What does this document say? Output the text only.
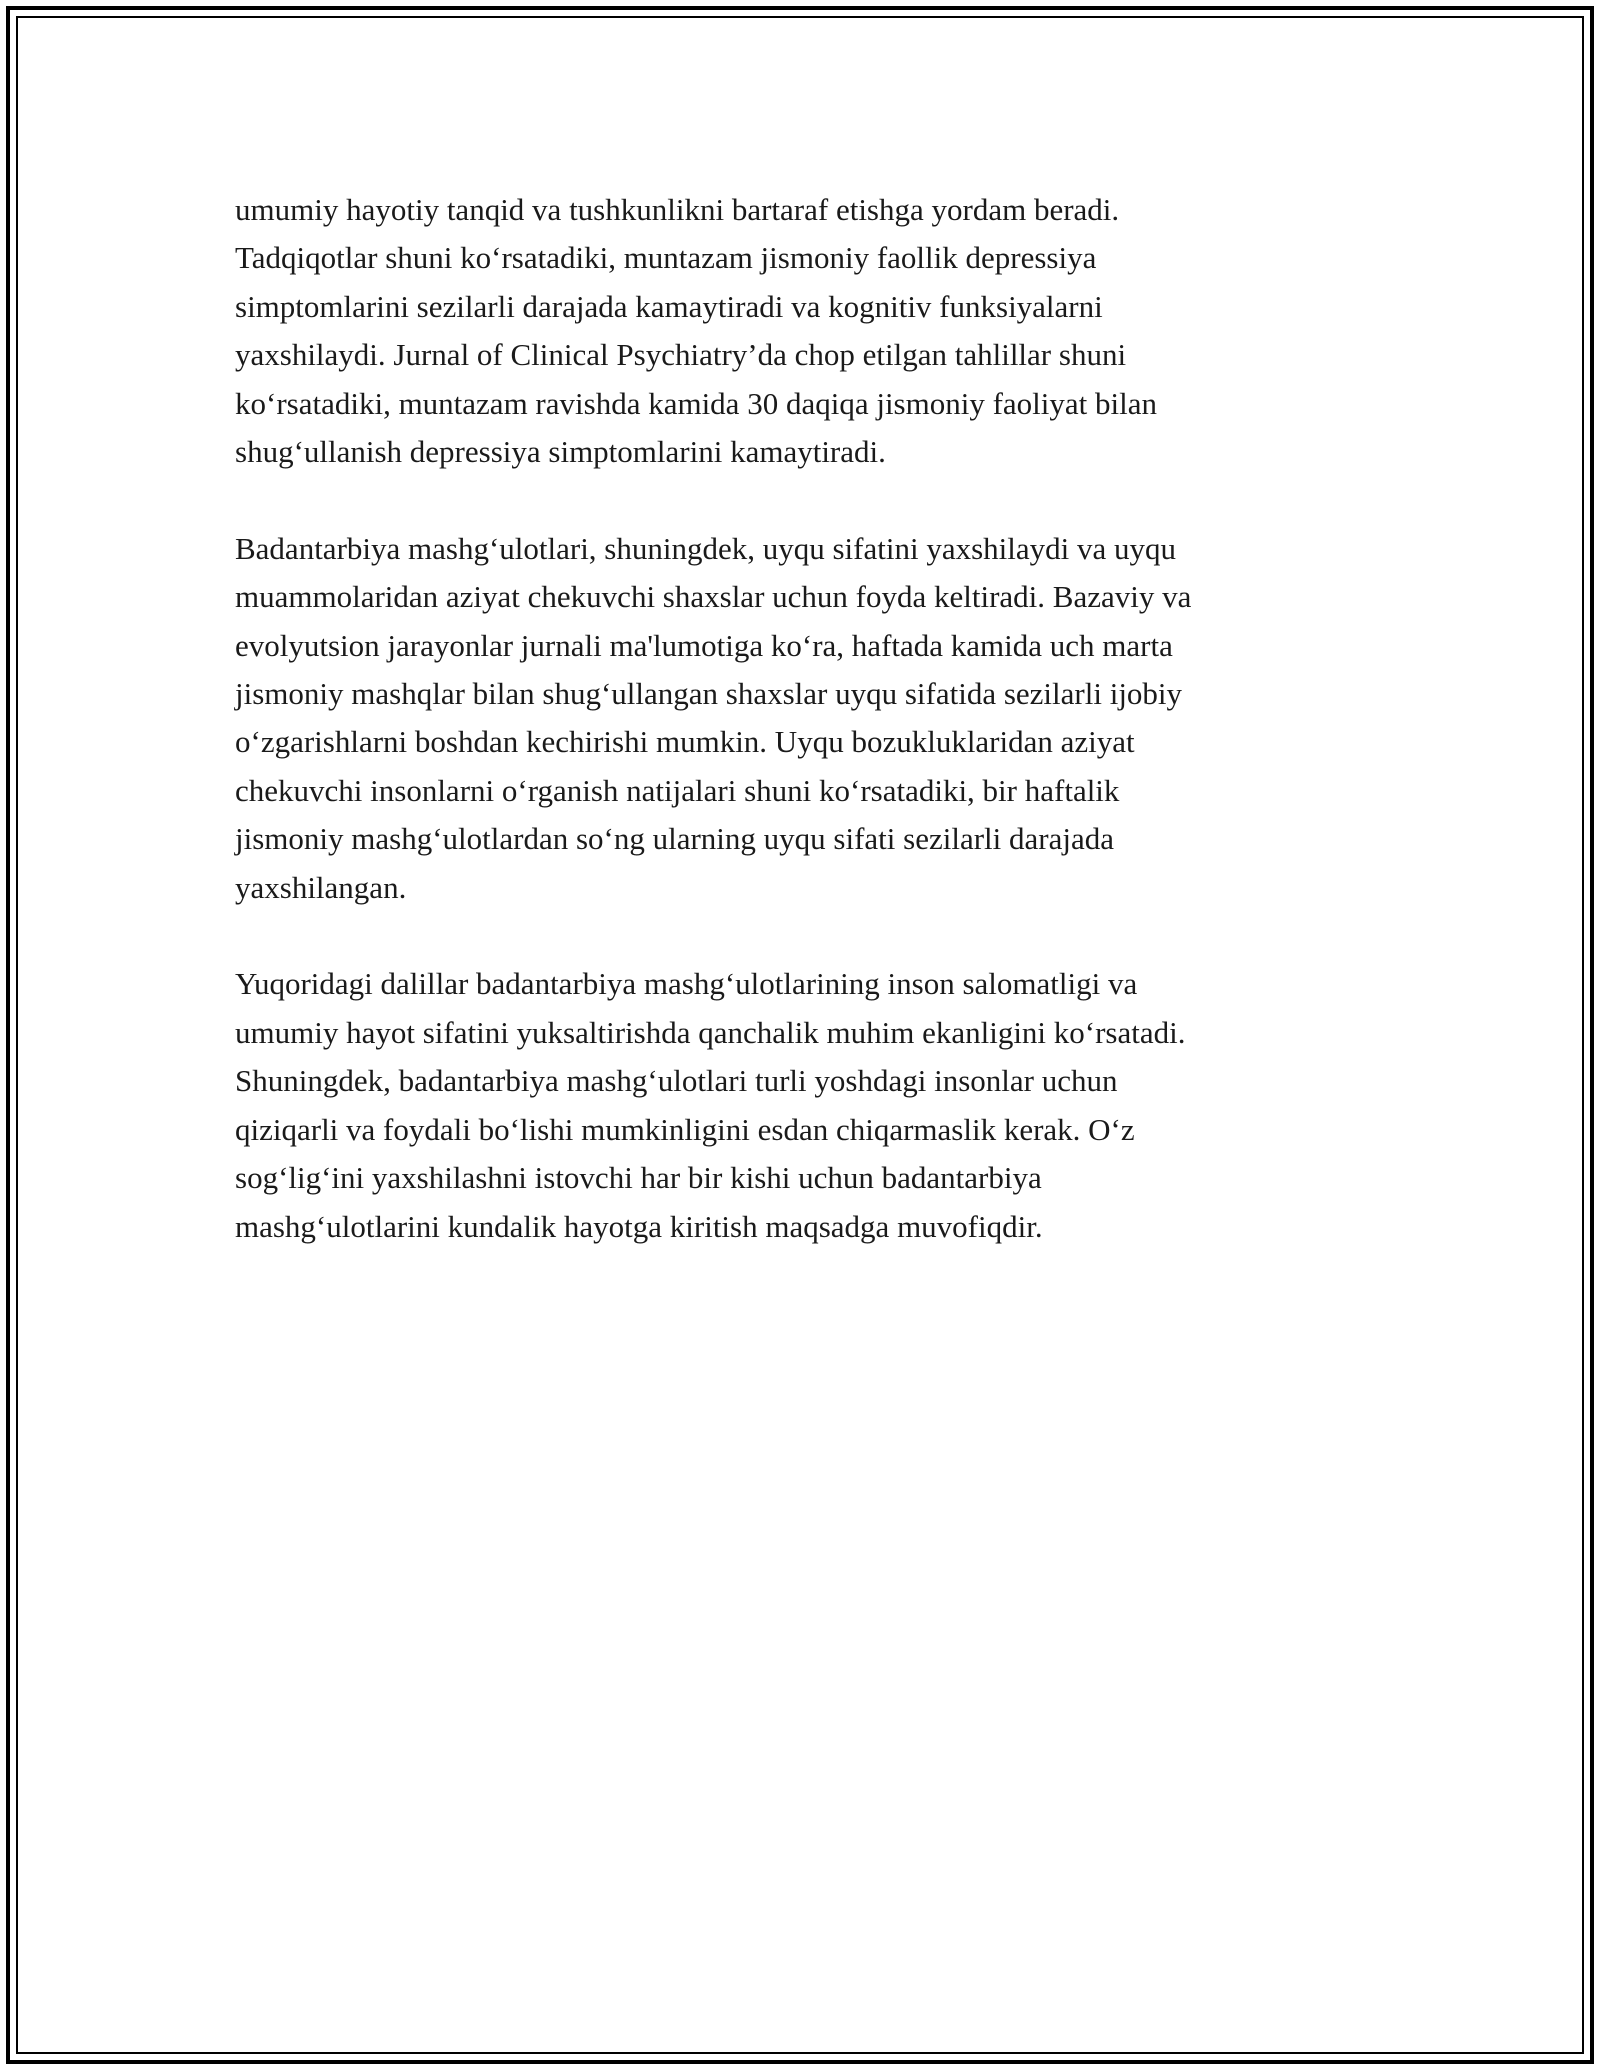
umumiy hayotiy tanqid va tushkunlikni bartaraf etishga yordam beradi.
Tadqiqotlar shuni koʻrsatadiki, muntazam jismoniy faollik depressiya
simptomlarini sezilarli darajada kamaytiradi va kognitiv funksiyalarni
yaxshilaydi. Jurnal of Clinical Psychiatry’da chop etilgan tahlillar shuni
koʻrsatadiki, muntazam ravishda kamida 30 daqiqa jismoniy faoliyat bilan
shugʻullanish depressiya simptomlarini kamaytiradi.

Badantarbiya mashgʻulotlari, shuningdek, uyqu sifatini yaxshilaydi va uyqu
muammolaridan aziyat chekuvchi shaxslar uchun foyda keltiradi. Bazaviy va
evolyutsion jarayonlar jurnali ma'lumotiga koʻra, haftada kamida uch marta
jismoniy mashqlar bilan shugʻullangan shaxslar uyqu sifatida sezilarli ijobiy
oʻzgarishlarni boshdan kechirishi mumkin. Uyqu bozukluklaridan aziyat
chekuvchi insonlarni oʻrganish natijalari shuni koʻrsatadiki, bir haftalik
jismoniy mashgʻulotlardan soʻng ularning uyqu sifati sezilarli darajada
yaxshilangan.

Yuqoridagi dalillar badantarbiya mashgʻulotlarining inson salomatligi va
umumiy hayot sifatini yuksaltirishda qanchalik muhim ekanligini koʻrsatadi.
Shuningdek, badantarbiya mashgʻulotlari turli yoshdagi insonlar uchun
qiziqarli va foydali boʻlishi mumkinligini esdan chiqarmaslik kerak. Oʻz
sogʻligʻini yaxshilashni istovchi har bir kishi uchun badantarbiya
mashgʻulotlarini kundalik hayotga kiritish maqsadga muvofiqdir.
